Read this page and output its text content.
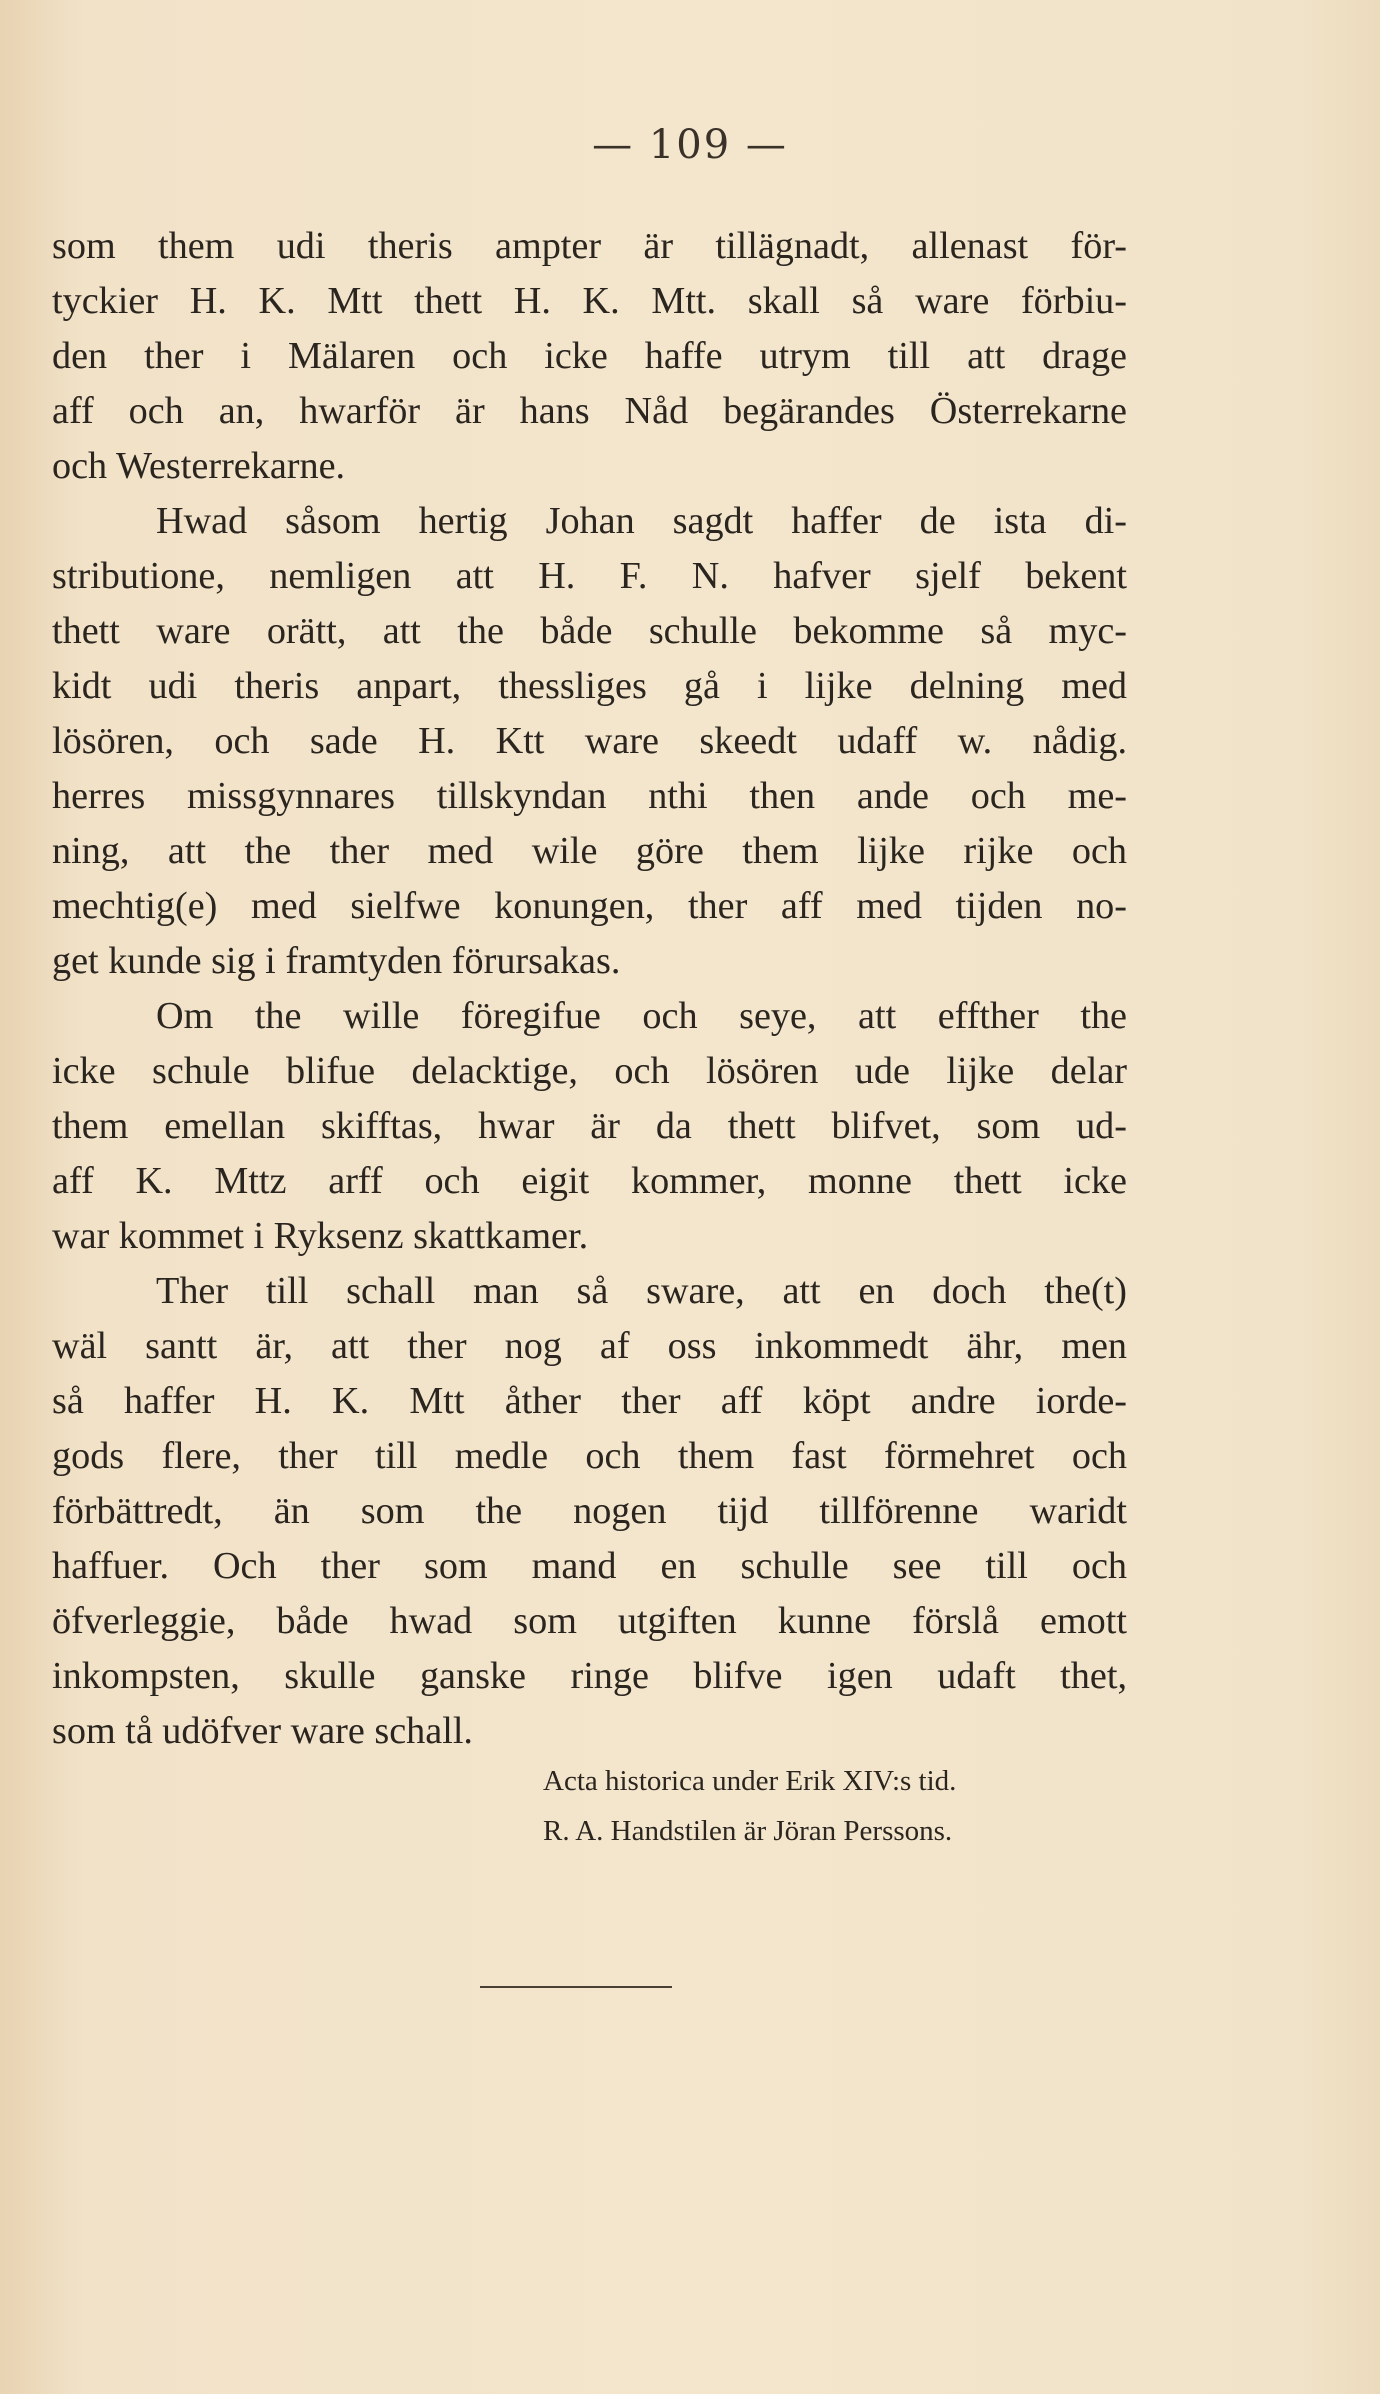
— 109 —
som them udi theris ampter är tillägnadt, allenast för-
tyckier H. K. Mtt thett H. K. Mtt. skall så ware förbiu-
den ther i Mälaren och icke haffe utrym till att drage
aff och an, hwarför är hans Nåd begärandes Österrekarne
och Westerrekarne.
Hwad såsom hertig Johan sagdt haffer de ista di-
stributione, nemligen att H. F. N. hafver sjelf bekent
thett ware orätt, att the både schulle bekomme så myc-
kidt udi theris anpart, thessliges gå i lijke delning med
lösören, och sade H. Ktt ware skeedt udaff w. nådig.
herres missgynnares tillskyndan nthi then ande och me-
ning, att the ther med wile göre them lijke rijke och
mechtig(e) med sielfwe konungen, ther aff med tijden no-
get kunde sig i framtyden förursakas.
Om the wille föregifue och seye, att effther the
icke schule blifue delacktige, och lösören ude lijke delar
them emellan skifftas, hwar är da thett blifvet, som ud-
aff K. Mttz arff och eigit kommer, monne thett icke
war kommet i Ryksenz skattkamer.
Ther till schall man så sware, att en doch the(t)
wäl santt är, att ther nog af oss inkommedt ähr, men
så haffer H. K. Mtt åther ther aff köpt andre iorde-
gods flere, ther till medle och them fast förmehret och
förbättredt, än som the nogen tijd tillförenne waridt
haffuer. Och ther som mand en schulle see till och
öfverleggie, både hwad som utgiften kunne förslå emott
inkompsten, skulle ganske ringe blifve igen udaft thet,
som tå udöfver ware schall.
Acta historica under Erik XIV:s tid.
R. A. Handstilen är Jöran Perssons.
